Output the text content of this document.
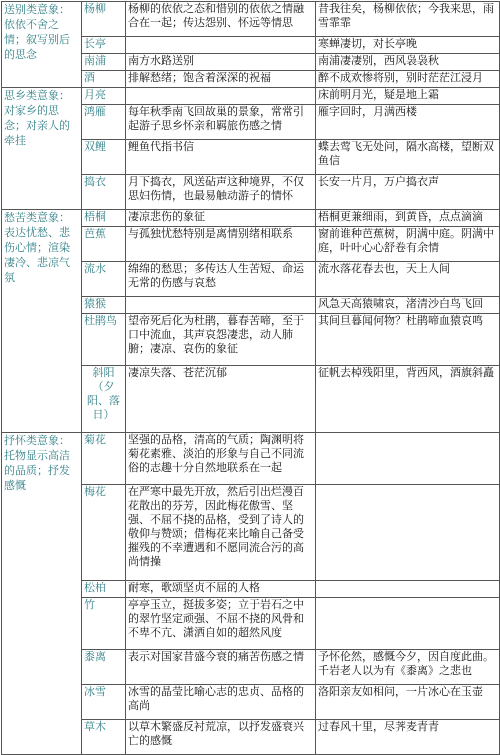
送别类意象：依依不舍之情；叙写别后的思念	杨柳	杨柳的依依之态和惜别的依依之情融合在一起；传达怨别、怀远等情思	昔我往矣，杨柳依依；今我来思，雨雪霏霏
	长亭		寒蝉凄切，对长亭晚
	南浦	南方水路送别	南浦凄凄别，西风袅袅秋
	酒	排解愁绪；饱含着深深的祝福	醉不成欢惨将别，别时茫茫江浸月
思乡类意象：对家乡的思念；对亲人的牵挂	月亮		床前明月光，疑是地上霜
	鸿雁	每年秋季南飞回故巢的景象，常常引起游子思乡怀亲和羁旅伤感之情	雁字回时，月满西楼
	双鲤	鲤鱼代指书信	蝶去莺飞无处问，隔水高楼，望断双鱼信
	捣衣	月下捣衣，风送砧声这种境界，不仅思妇伤情，也最易触动游子的情怀	长安一片月，万户捣衣声
愁苦类意象：表达忧愁、悲伤心情；渲染凄冷、悲凉气氛	梧桐	凄凉悲伤的象征	梧桐更兼细雨，到黄昏，点点滴滴
	芭蕉	与孤独忧愁特别是离情别绪相联系	窗前谁种芭蕉树，阴满中庭。阴满中庭，叶叶心心舒卷有余情
	流水	绵绵的愁思；多传达人生苦短、命运无常的伤感与哀愁	流水落花春去也，天上人间
	猿猴		风急天高猿啸哀，渚清沙白鸟飞回
	杜鹃鸟	望帝死后化为杜鹃，暮春苦啼，至于口中流血，其声哀怨凄悲，动人肺腑；凄凉、哀伤的象征	其间旦暮闻何物？杜鹃啼血猿哀鸣
	斜阳（夕阳、落日）	凄凉失落、苍茫沉郁	征帆去棹残阳里，背西风，酒旗斜矗
抒怀类意象：托物显示高洁的品质；抒发感慨	菊花	坚强的品格，清高的气质；陶渊明将菊花素雅、淡泊的形象与自己不同流俗的志趣十分自然地联系在一起	
	梅花	在严寒中最先开放，然后引出烂漫百花散出的芬芳，因此梅花傲雪、坚强、不屈不挠的品格，受到了诗人的敬仰与赞颂；借梅花来比喻自己备受摧残的不幸遭遇和不愿同流合污的高尚情操	
	松柏	耐寒，歌颂坚贞不屈的人格	
	竹	亭亭玉立，挺拔多姿；立于岩石之中的翠竹坚定顽强、不屈不挠的风骨和不卑不亢、潇洒自如的超然风度	
	黍离	表示对国家昔盛今衰的痛苦伤感之情	予怀伦然，感慨今夕，因自度此曲。千岩老人以为有《黍离》之悲也
	冰雪	冰雪的晶莹比喻心志的忠贞、品格的高尚	洛阳亲友如相问，一片冰心在玉壶
	草木	以草木繁盛反衬荒凉，以抒发盛衰兴亡的感慨	过春风十里，尽荠麦青青
